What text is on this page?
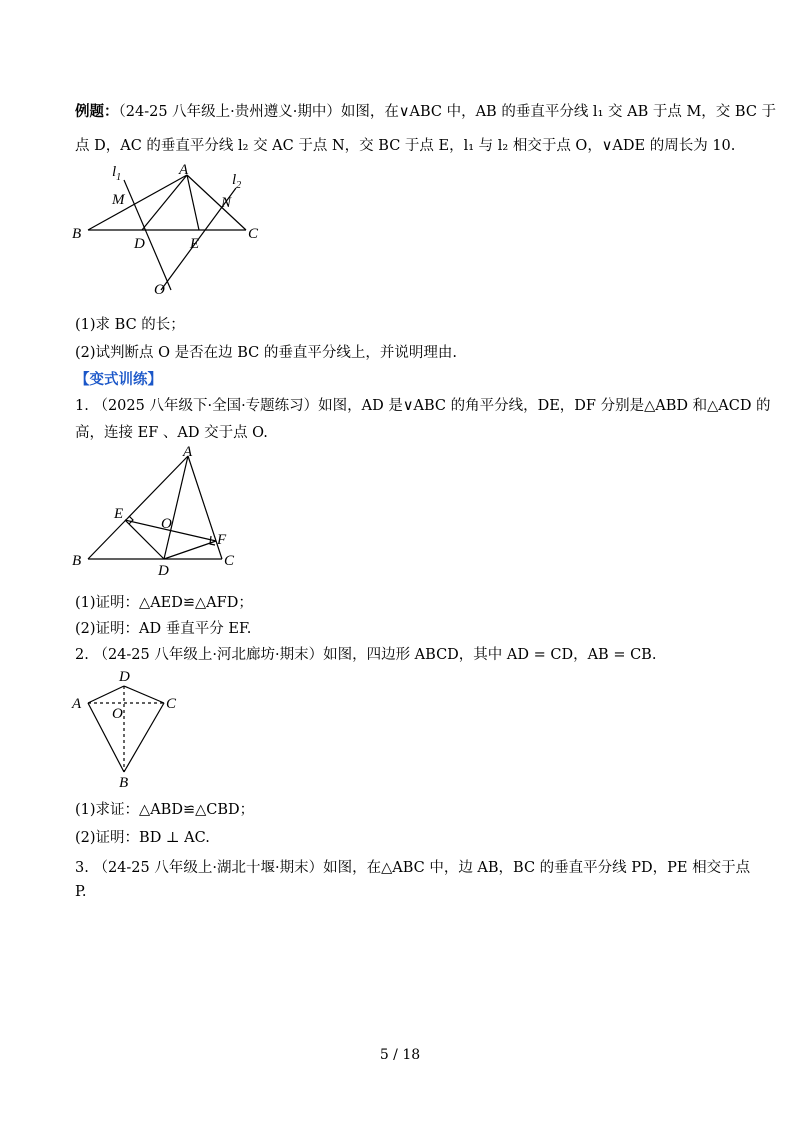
例题：（24-25 八年级上·贵州遵义·期中）如图，在∨ABC 中，AB 的垂直平分线 l₁ 交 AB 于点 M，交 BC 于
点 D，AC 的垂直平分线 l₂ 交 AC 于点 N，交 BC 于点 E，l₁ 与 l₂ 相交于点 O，∨ADE 的周长为 10.
$l_1$	$l_2$
A
M	N
B	C
D	E
O
(1)求 BC 的长；
(2)试判断点 O 是否在边 BC 的垂直平分线上，并说明理由.
【变式训练】
1. （2025 八年级下·全国·专题练习）如图，AD 是∨ABC 的角平分线，DE，DF 分别是△ABD 和△ACD 的
高，连接 EF 、AD 交于点 O.
A
E
O
F
B
D
C
(1)证明：△AED≌△AFD；
(2)证明：AD 垂直平分 EF.
2. （24-25 八年级上·河北廊坊·期末）如图，四边形 ABCD，其中 AD = CD，AB = CB.
D
A	C
O
B
(1)求证：△ABD≌△CBD；
(2)证明：BD ⊥ AC.
3. （24-25 八年级上·湖北十堰·期末）如图，在△ABC 中，边 AB，BC 的垂直平分线 PD，PE 相交于点
P.
5 / 18
